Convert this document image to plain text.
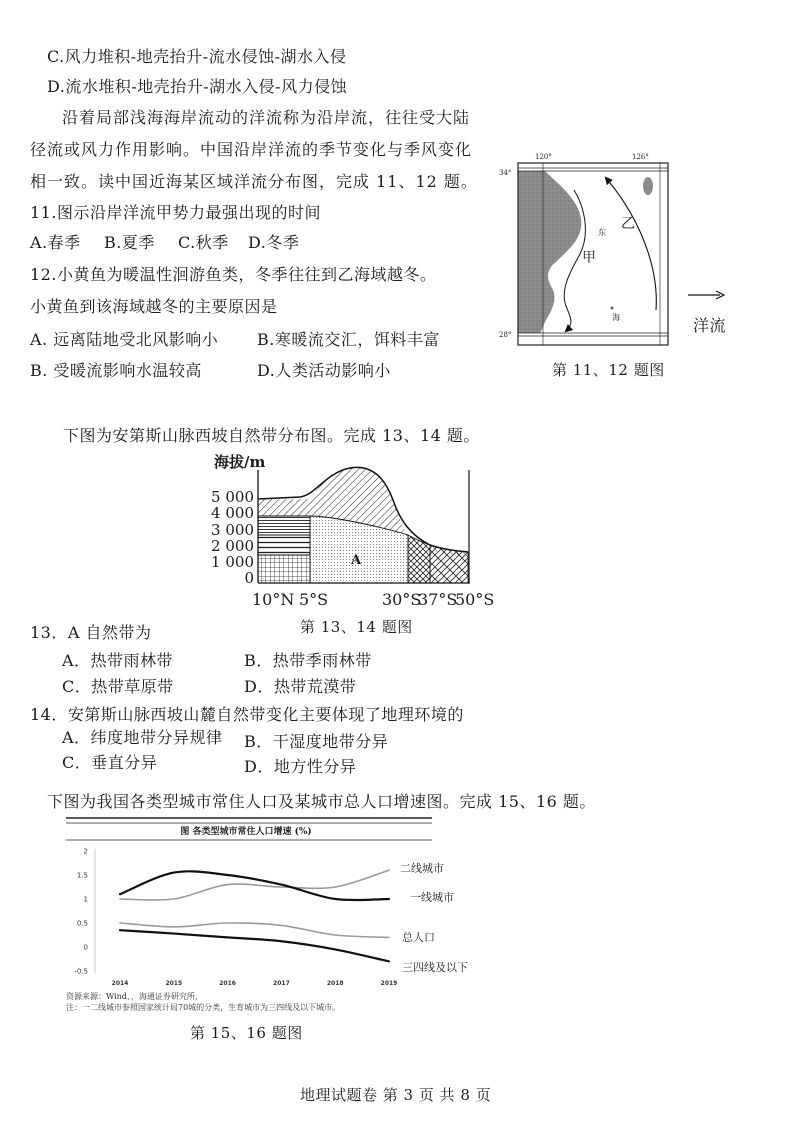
C.风力堆积-地壳抬升-流水侵蚀-湖水入侵
D.流水堆积-地壳抬升-湖水入侵-风力侵蚀
沿着局部浅海海岸流动的洋流称为沿岸流，往往受大陆
径流或风力作用影响。中国沿岸洋流的季节变化与季风变化
相一致。读中国近海某区域洋流分布图，完成 11、12 题。
11.图示沿岸洋流甲势力最强出现的时间
A.春季 B.夏季 C.秋季 D.冬季
12.小黄鱼为暖温性洄游鱼类，冬季往往到乙海域越冬。
小黄鱼到该海域越冬的主要原因是
A. 远离陆地受北风影响小 B.寒暖流交汇，饵料丰富
B. 受暖流影响水温较高	D.人类活动影响小
120°	126°
34°
28°
乙
甲
东
海	洋流
第 11、12 题图
下图为安第斯山脉西坡自然带分布图。完成 13、14 题。
海拔/m
5 000
4 000
3 000
2 000
1 000
0
A
10°N 5°S	30°S
37°S
50°S
第 13、14 题图
13．A 自然带为
A．热带雨林带	B．热带季雨林带
C．热带草原带	D．热带荒漠带
14．安第斯山脉西坡山麓自然带变化主要体现了地理环境的
A．纬度地带分异规律 B．干湿度地带分异
C．垂直分异	D．地方性分异
下图为我国各类型城市常住人口及某城市总人口增速图。完成 15、16 题。
图 各类型城市常住人口增速 (%)
2
1.5
1
0.5
0
-0.5
2014	2015	2016	2017	2018	2019
二线城市
一线城市
总人口
三四线及以下
资源来源：Wind、，海通证券研究所，
注：一二线城市参照国家统计局70城的分类，生育城市为三四线及以下城市。
第 15、16 题图
地理试题卷 第 3 页 共 8 页
